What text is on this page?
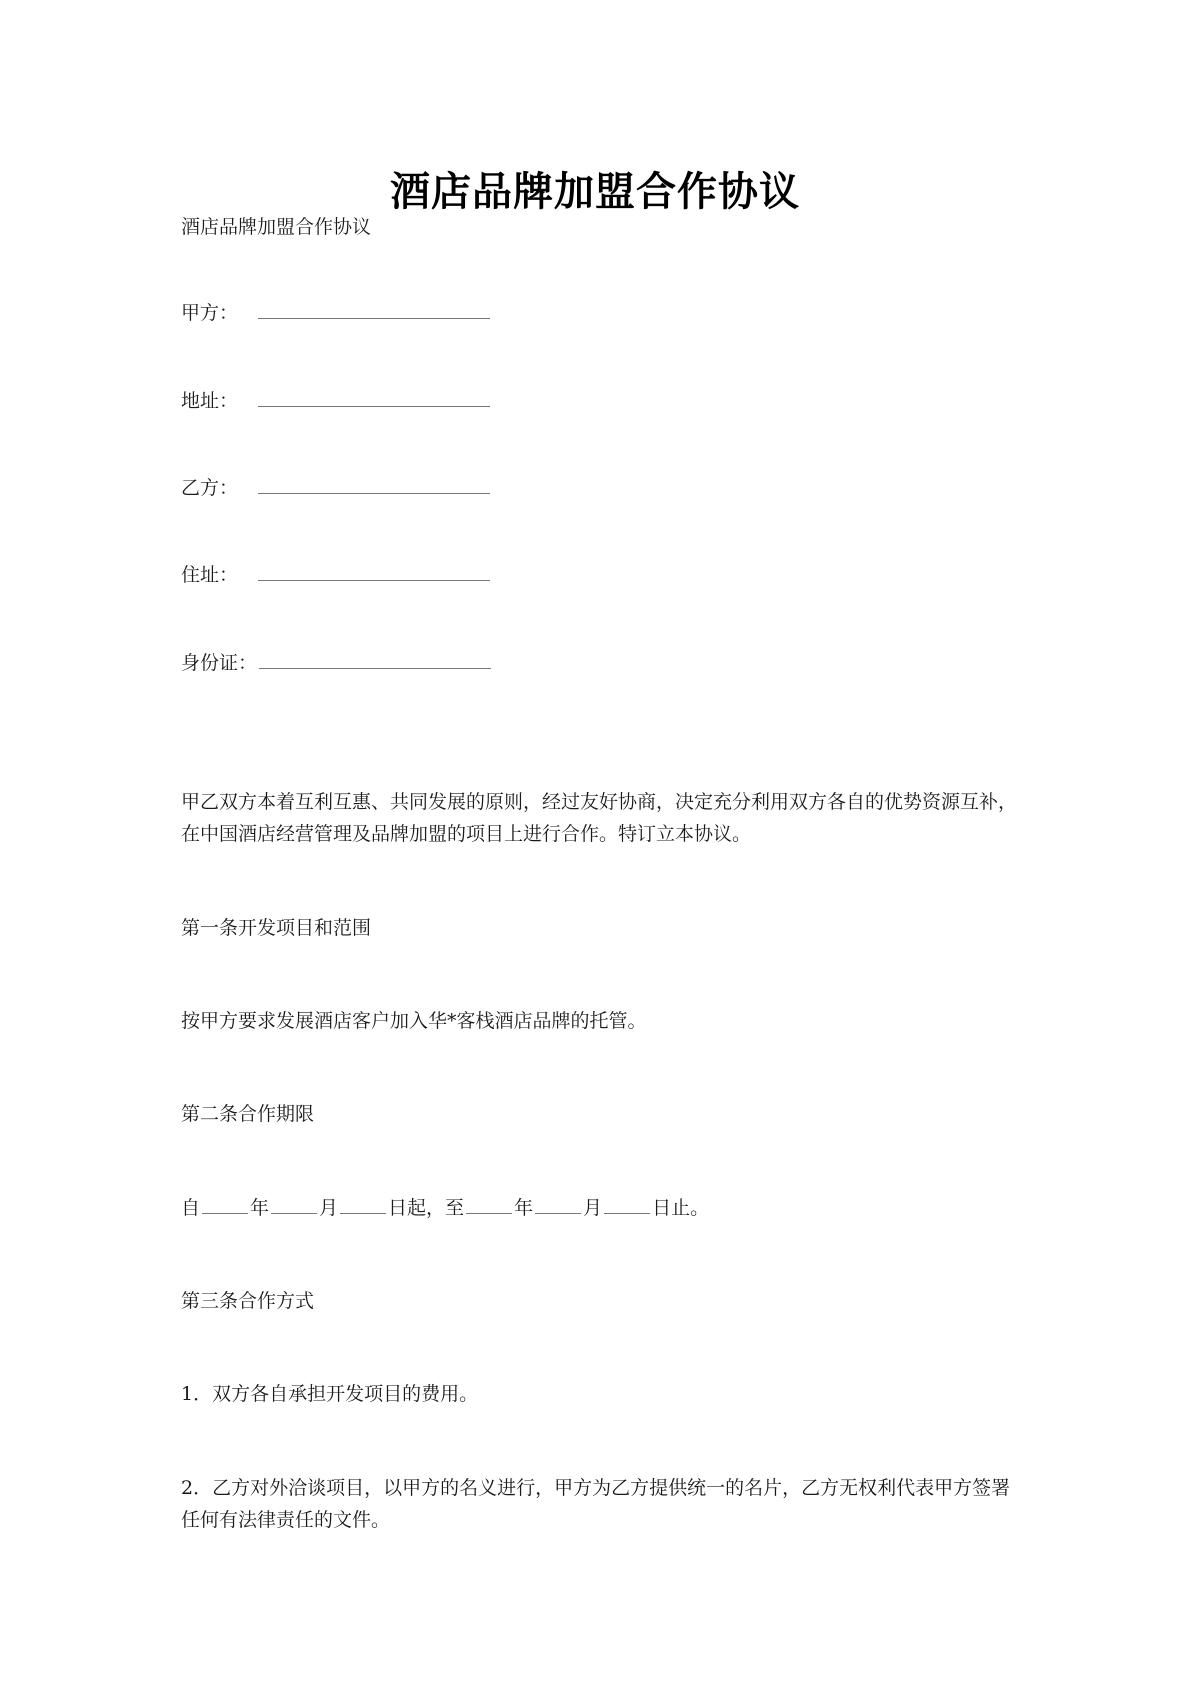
酒店品牌加盟合作协议
酒店品牌加盟合作协议
甲方：
地址：
乙方：
住址：
身份证：
甲乙双方本着互利互惠、共同发展的原则，经过友好协商，决定充分利用双方各自的优势资源互补，在中国酒店经营管理及品牌加盟的项目上进行合作。特订立本协议。
第一条开发项目和范围
按甲方要求发展酒店客户加入华*客栈酒店品牌的托管。
第二条合作期限
自	年	月	日起，至	年	月	日止。
第三条合作方式
1．双方各自承担开发项目的费用。
2．乙方对外洽谈项目，以甲方的名义进行，甲方为乙方提供统一的名片，乙方无权利代表甲方签署任何有法律责任的文件。
